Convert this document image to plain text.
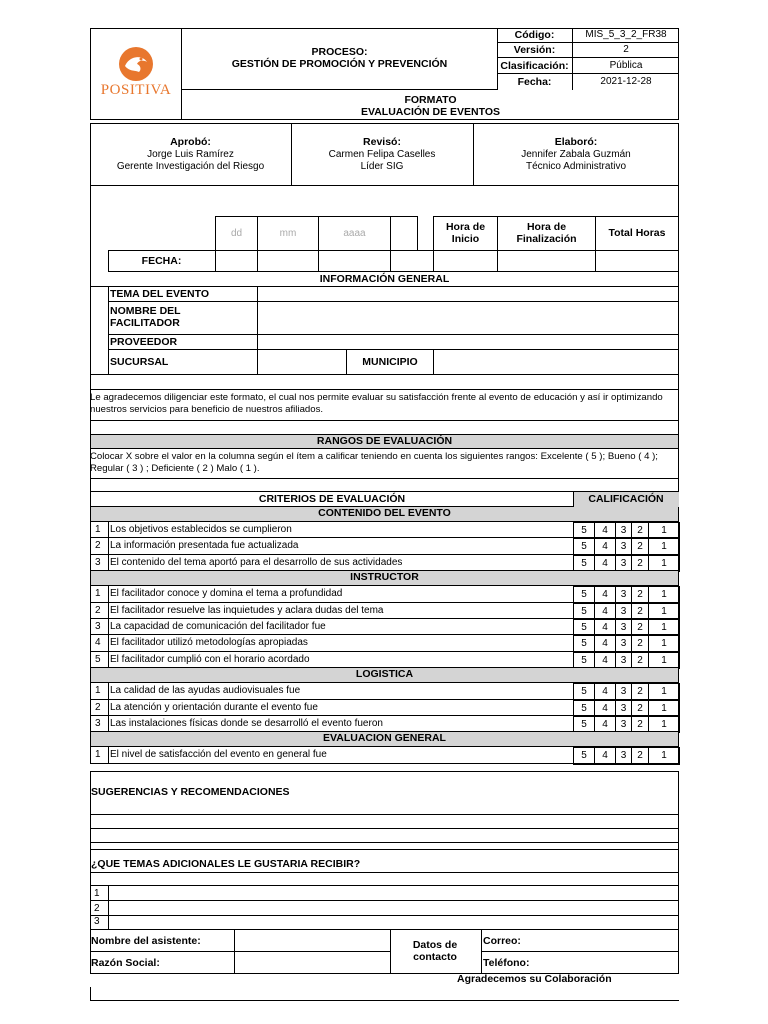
POSITIVA
PROCESO:
GESTIÓN DE PROMOCIÓN Y PREVENCIÓN
Código:	MIS_5_3_2_FR38
Versión:	2
Clasificación:	Pública
Fecha:	2021-12-28
FORMATO
EVALUACIÓN DE EVENTOS
Aprobó:
Jorge Luis Ramírez
Gerente Investigación del Riesgo
Revisó:
Carmen Felipa Caselles
Líder SIG
Elaboró:
Jennifer Zabala Guzmán
Técnico Administrativo
dd	mm	aaaa
Hora de Inicio
Hora de Finalización	Total Horas
FECHA:
INFORMACIÓN GENERAL
TEMA DEL EVENTO
NOMBRE DEL FACILITADOR
PROVEEDOR
SUCURSAL	MUNICIPIO
Le agradecemos diligenciar este formato, el cual nos permite evaluar su satisfacción frente al evento de educación y así ir optimizando nuestros servicios para beneficio de nuestros afiliados.
RANGOS DE EVALUACIÓN
Colocar X sobre el valor en la columna según el ítem a calificar teniendo en cuenta los siguientes rangos: Excelente ( 5 ); Bueno ( 4 ); Regular ( 3 ) ; Deficiente ( 2 ) Malo ( 1 ).
CRITERIOS DE EVALUACIÓN	CALIFICACIÓN
CONTENIDO DEL EVENTO
1 Los objetivos establecidos se cumplieron	5	4	3	2	1
2 La información presentada fue actualizada	5	4	3	2	1
3 El contenido del tema aportó para el desarrollo de sus actividades	5	4	3	2	1
INSTRUCTOR
1 El facilitador conoce y domina el tema a profundidad	5	4	3	2	1
2 El facilitador resuelve las inquietudes y aclara dudas del tema	5	4	3	2	1
3 La capacidad de comunicación del facilitador fue	5	4	3	2	1
4 El facilitador utilizó metodologías apropiadas	5	4	3	2	1
5 El facilitador cumplió con el horario acordado	5	4	3	2	1
LOGISTICA
1 La calidad de las ayudas audiovisuales fue	5	4	3	2	1
2 La atención y orientación durante el evento fue	5	4	3	2	1
3 Las instalaciones físicas donde se desarrolló el evento fueron	5	4	3	2	1
EVALUACION GENERAL
1 El nivel de satisfacción del evento en general fue	5	4	3	2	1
SUGERENCIAS Y RECOMENDACIONES
¿QUE TEMAS ADICIONALES LE GUSTARIA RECIBIR?
1
2
3
Nombre del asistente:
Razón Social:
Datos de contacto
Correo:
Teléfono:
Agradecemos su Colaboración
